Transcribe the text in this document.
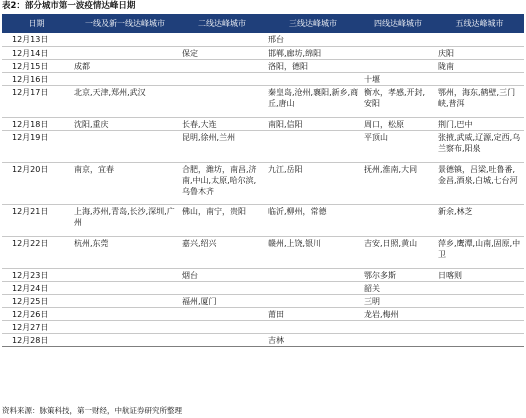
表2：部分城市第一波疫情达峰日期
日期	一线及新一线达峰城市	二线达峰城市	三线达峰城市	四线达峰城市	五线达峰城市
12月13日			邢台		
12月14日		保定	邯郸,廊坊,绵阳		庆阳
12月15日	成都		洛阳，德阳		陇南
12月16日				十堰	
12月17日	北京,天津,郑州,武汉		秦皇岛,沧州,襄阳,新乡,商丘,唐山	衡水，孝感,开封,安阳	鄂州，海东,鹤壁,三门峡,普洱
12月18日	沈阳,重庆	长春,大连	南阳,信阳	周口，松原	荆门,巴中
12月19日		昆明,徐州,兰州		平顶山	张掖,武威,辽源,定西,乌兰察布,阳泉
12月20日	南京，宜春	合肥，潍坊，南昌,济南,中山,太原,哈尔滨,乌鲁木齐	九江,岳阳	抚州,淮南,大同	景德镇，吕梁,吐鲁番,金昌,酒泉,白城,七台河
12月21日	上海,苏州,青岛,长沙,深圳,广州	佛山，南宁，贵阳	临沂,柳州，常德		新余,林芝
12月22日	杭州,东莞	嘉兴,绍兴	赣州,上饶,银川	吉安,日照,黄山	萍乡,鹰潭,山南,固原,中卫
12月23日		烟台		鄂尔多斯	日喀则
12月24日				韶关	
12月25日		福州,厦门		三明	
12月26日			莆田	龙岩,梅州	
12月27日					
12月28日			吉林		
资料来源：脉策科技，第一财经，中航证券研究所整理
